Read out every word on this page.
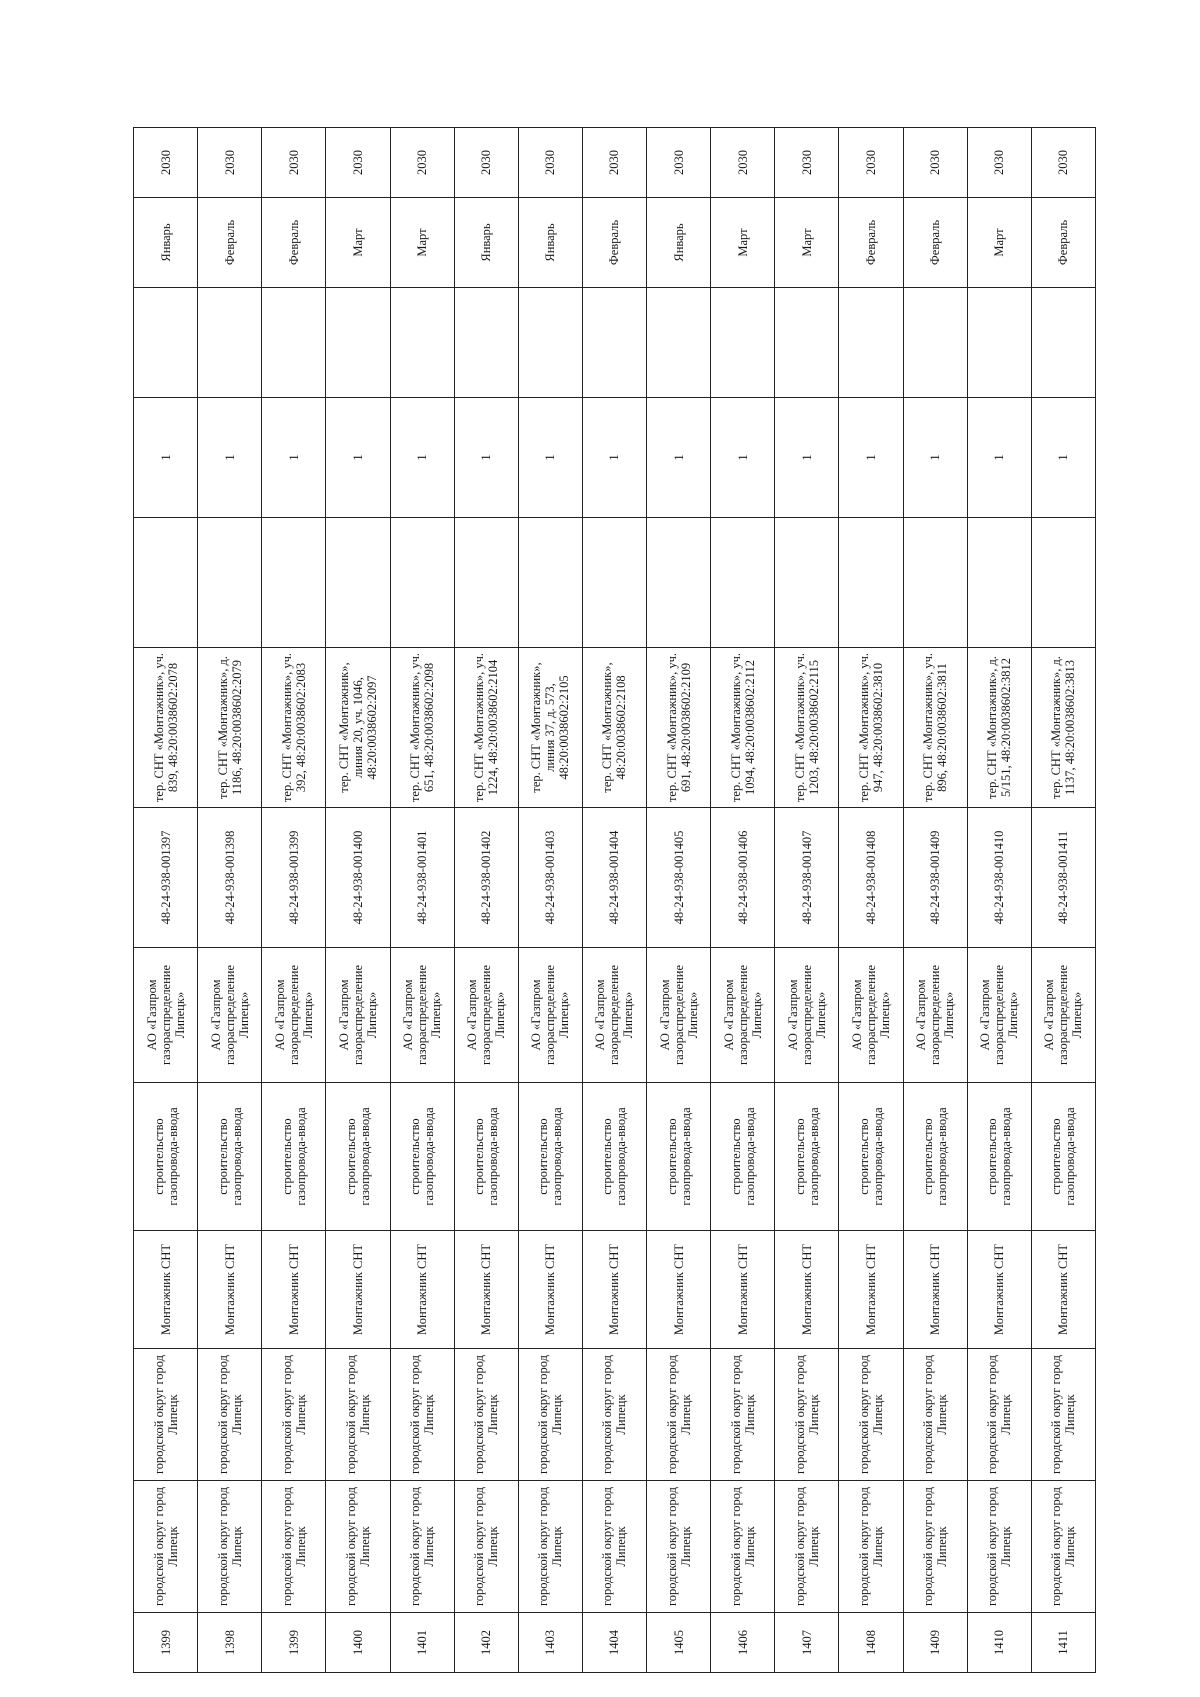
1399	городской округ город Липецк	городской округ город Липецк	Монтажник СНТ	строительство газопровода-ввода	АО «Газпром газораспределение Липецк»	48-24-938-001397	тер. СНТ «Монтажник», уч. 839, 48:20:0038602:2078		1		Январь	2030
1398	городской округ город Липецк	городской округ город Липецк	Монтажник СНТ	строительство газопровода-ввода	АО «Газпром газораспределение Липецк»	48-24-938-001398	тер. СНТ «Монтажник», д. 1186, 48:20:0038602:2079		1		Февраль	2030
1399	городской округ город Липецк	городской округ город Липецк	Монтажник СНТ	строительство газопровода-ввода	АО «Газпром газораспределение Липецк»	48-24-938-001399	тер. СНТ «Монтажник», уч. 392, 48:20:0038602:2083		1		Февраль	2030
1400	городской округ город Липецк	городской округ город Липецк	Монтажник СНТ	строительство газопровода-ввода	АО «Газпром газораспределение Липецк»	48-24-938-001400	тер. СНТ «Монтажник», линия 20, уч. 1046, 48:20:0038602:2097		1		Март	2030
1401	городской округ город Липецк	городской округ город Липецк	Монтажник СНТ	строительство газопровода-ввода	АО «Газпром газораспределение Липецк»	48-24-938-001401	тер. СНТ «Монтажник», уч. 651, 48:20:0038602:2098		1		Март	2030
1402	городской округ город Липецк	городской округ город Липецк	Монтажник СНТ	строительство газопровода-ввода	АО «Газпром газораспределение Липецк»	48-24-938-001402	тер. СНТ «Монтажник», уч. 1224, 48:20:0038602:2104		1		Январь	2030
1403	городской округ город Липецк	городской округ город Липецк	Монтажник СНТ	строительство газопровода-ввода	АО «Газпром газораспределение Липецк»	48-24-938-001403	тер. СНТ «Монтажник», линия 37, д. 573, 48:20:0038602:2105		1		Январь	2030
1404	городской округ город Липецк	городской округ город Липецк	Монтажник СНТ	строительство газопровода-ввода	АО «Газпром газораспределение Липецк»	48-24-938-001404	тер. СНТ «Монтажник», 48:20:0038602:2108		1		Февраль	2030
1405	городской округ город Липецк	городской округ город Липецк	Монтажник СНТ	строительство газопровода-ввода	АО «Газпром газораспределение Липецк»	48-24-938-001405	тер. СНТ «Монтажник», уч. 691, 48:20:0038602:2109		1		Январь	2030
1406	городской округ город Липецк	городской округ город Липецк	Монтажник СНТ	строительство газопровода-ввода	АО «Газпром газораспределение Липецк»	48-24-938-001406	тер. СНТ «Монтажник», уч. 1094, 48:20:0038602:2112		1		Март	2030
1407	городской округ город Липецк	городской округ город Липецк	Монтажник СНТ	строительство газопровода-ввода	АО «Газпром газораспределение Липецк»	48-24-938-001407	тер. СНТ «Монтажник», уч. 1203, 48:20:0038602:2115		1		Март	2030
1408	городской округ город Липецк	городской округ город Липецк	Монтажник СНТ	строительство газопровода-ввода	АО «Газпром газораспределение Липецк»	48-24-938-001408	тер. СНТ «Монтажник», уч. 947, 48:20:0038602:3810		1		Февраль	2030
1409	городской округ город Липецк	городской округ город Липецк	Монтажник СНТ	строительство газопровода-ввода	АО «Газпром газораспределение Липецк»	48-24-938-001409	тер. СНТ «Монтажник», уч. 896, 48:20:0038602:3811		1		Февраль	2030
1410	городской округ город Липецк	городской округ город Липецк	Монтажник СНТ	строительство газопровода-ввода	АО «Газпром газораспределение Липецк»	48-24-938-001410	тер. СНТ «Монтажник», д. 5/151, 48:20:0038602:3812		1		Март	2030
1411	городской округ город Липецк	городской округ город Липецк	Монтажник СНТ	строительство газопровода-ввода	АО «Газпром газораспределение Липецк»	48-24-938-001411	тер. СНТ «Монтажник», д. 1137, 48:20:0038602:3813		1		Февраль	2030
